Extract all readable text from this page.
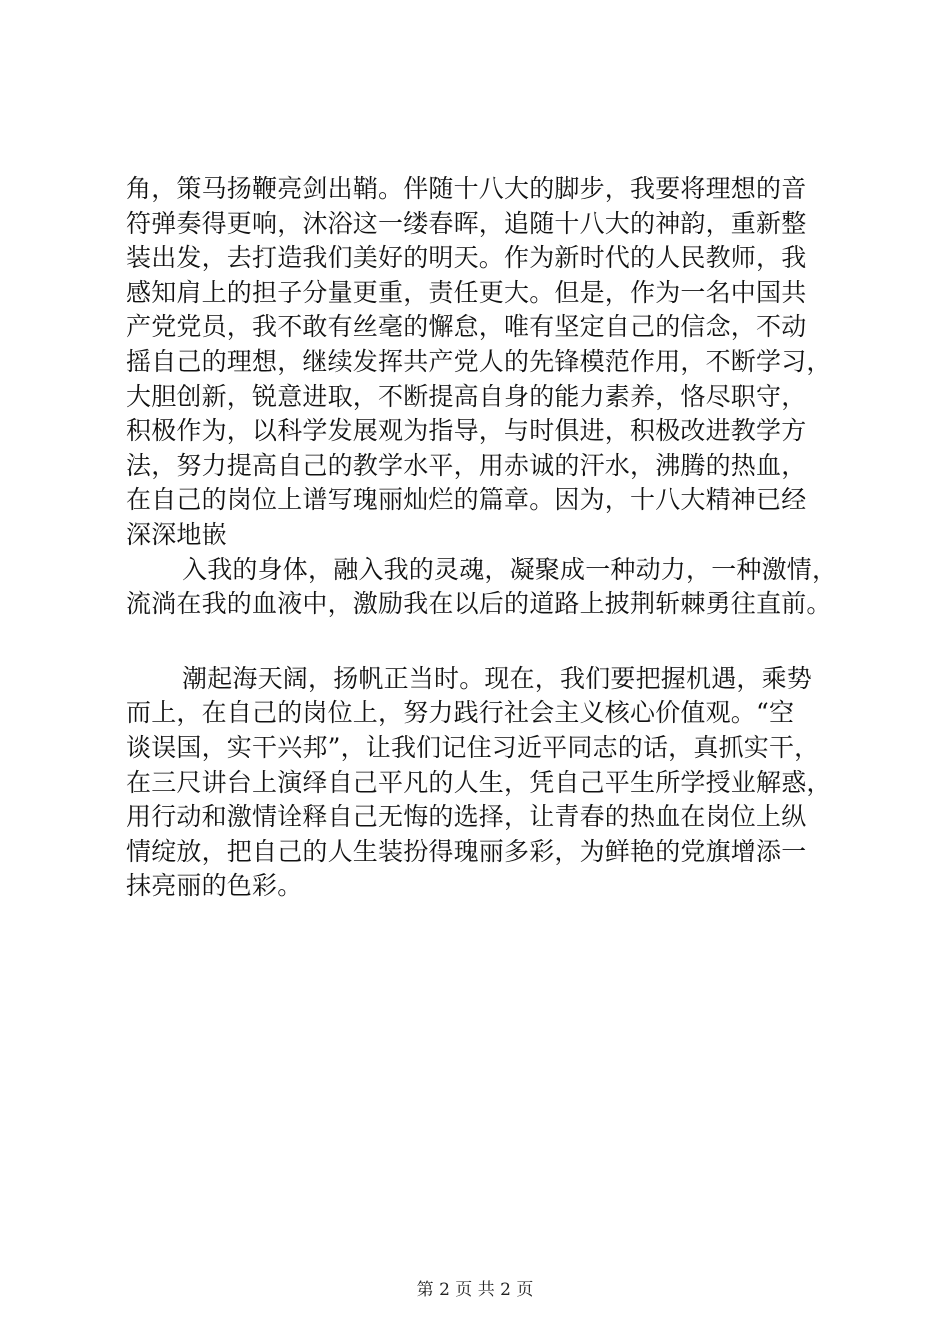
角，策马扬鞭亮剑出鞘。伴随十八大的脚步，我要将理想的音
符弹奏得更响，沐浴这一缕春晖，追随十八大的神韵，重新整
装出发，去打造我们美好的明天。作为新时代的人民教师，我
感知肩上的担子分量更重，责任更大。但是，作为一名中国共
产党党员，我不敢有丝毫的懈怠，唯有坚定自己的信念，不动
摇自己的理想，继续发挥共产党人的先锋模范作用，不断学习，
大胆创新，锐意进取，不断提高自身的能力素养，恪尽职守，
积极作为，以科学发展观为指导，与时俱进，积极改进教学方
法，努力提高自己的教学水平，用赤诚的汗水，沸腾的热血，
在自己的岗位上谱写瑰丽灿烂的篇章。因为，十八大精神已经
深深地嵌
入我的身体，融入我的灵魂，凝聚成一种动力，一种激情，
流淌在我的血液中，激励我在以后的道路上披荆斩棘勇往直前。
潮起海天阔，扬帆正当时。现在，我们要把握机遇，乘势
而上，在自己的岗位上，努力践行社会主义核心价值观。“空
谈误国，实干兴邦”，让我们记住习近平同志的话，真抓实干，
在三尺讲台上演绎自己平凡的人生，凭自己平生所学授业解惑，
用行动和激情诠释自己无悔的选择，让青春的热血在岗位上纵
情绽放，把自己的人生装扮得瑰丽多彩，为鲜艳的党旗增添一
抹亮丽的色彩。
第 2 页 共 2 页
